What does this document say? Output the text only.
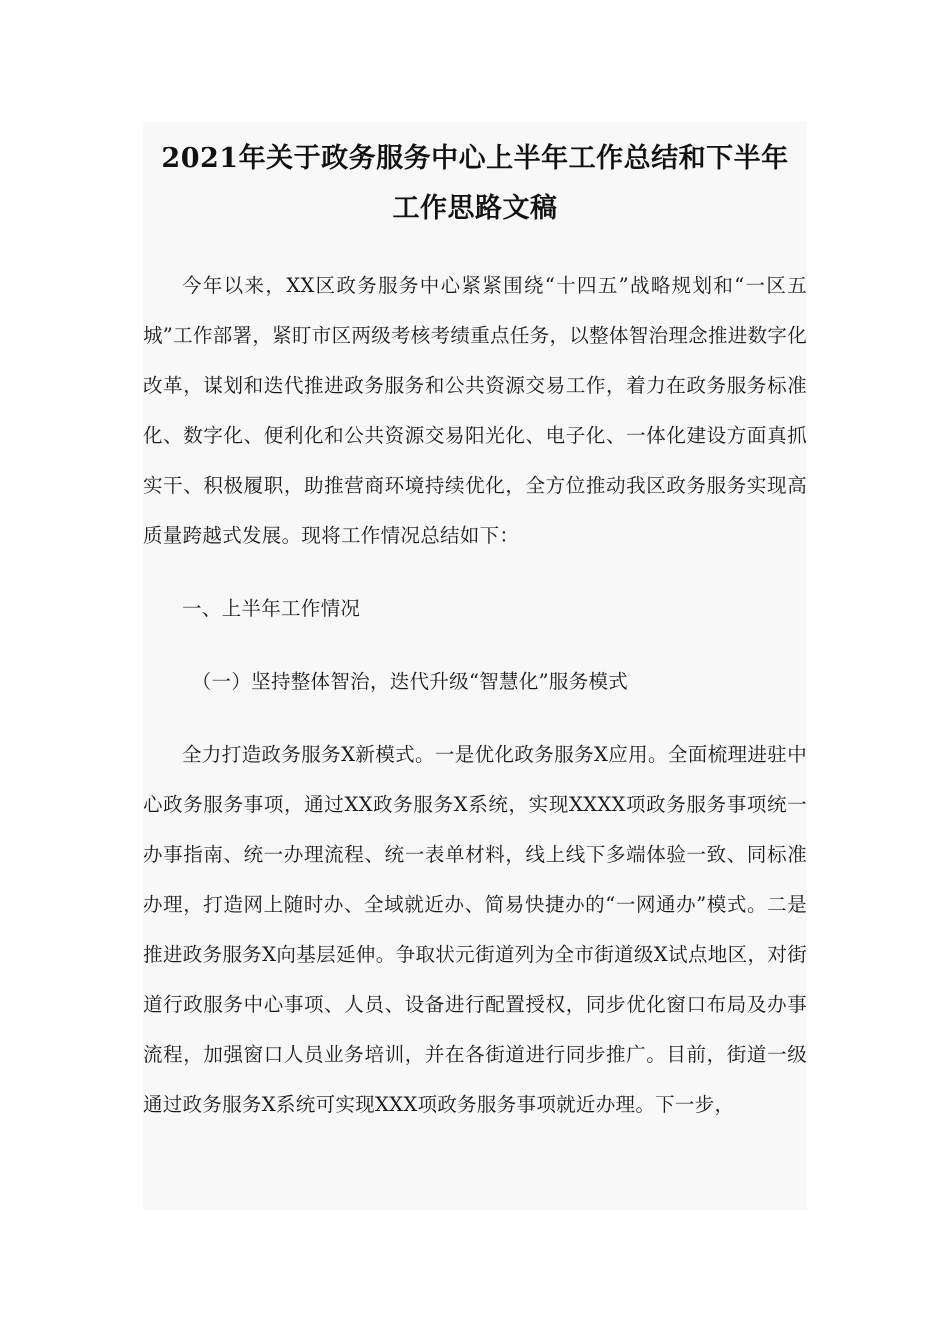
2021年关于政务服务中心上半年工作总结和下半年
工作思路文稿

今年以来，XX区政务服务中心紧紧围绕“十四五”战略规划和“一区五城”工作部署，紧盯市区两级考核考绩重点任务，以整体智治理念推进数字化改革，谋划和迭代推进政务服务和公共资源交易工作，着力在政务服务标准化、数字化、便利化和公共资源交易阳光化、电子化、一体化建设方面真抓实干、积极履职，助推营商环境持续优化，全方位推动我区政务服务实现高质量跨越式发展。现将工作情况总结如下：

一、上半年工作情况

（一）坚持整体智治，迭代升级“智慧化”服务模式

全力打造政务服务X新模式。一是优化政务服务X应用。全面梳理进驻中心政务服务事项，通过XX政务服务X系统，实现XXXX项政务服务事项统一办事指南、统一办理流程、统一表单材料，线上线下多端体验一致、同标准办理，打造网上随时办、全域就近办、简易快捷办的“一网通办”模式。二是推进政务服务X向基层延伸。争取状元街道列为全市街道级X试点地区，对街道行政服务中心事项、人员、设备进行配置授权，同步优化窗口布局及办事流程，加强窗口人员业务培训，并在各街道进行同步推广。目前，街道一级通过政务服务X系统可实现XXX项政务服务事项就近办理。下一步，
